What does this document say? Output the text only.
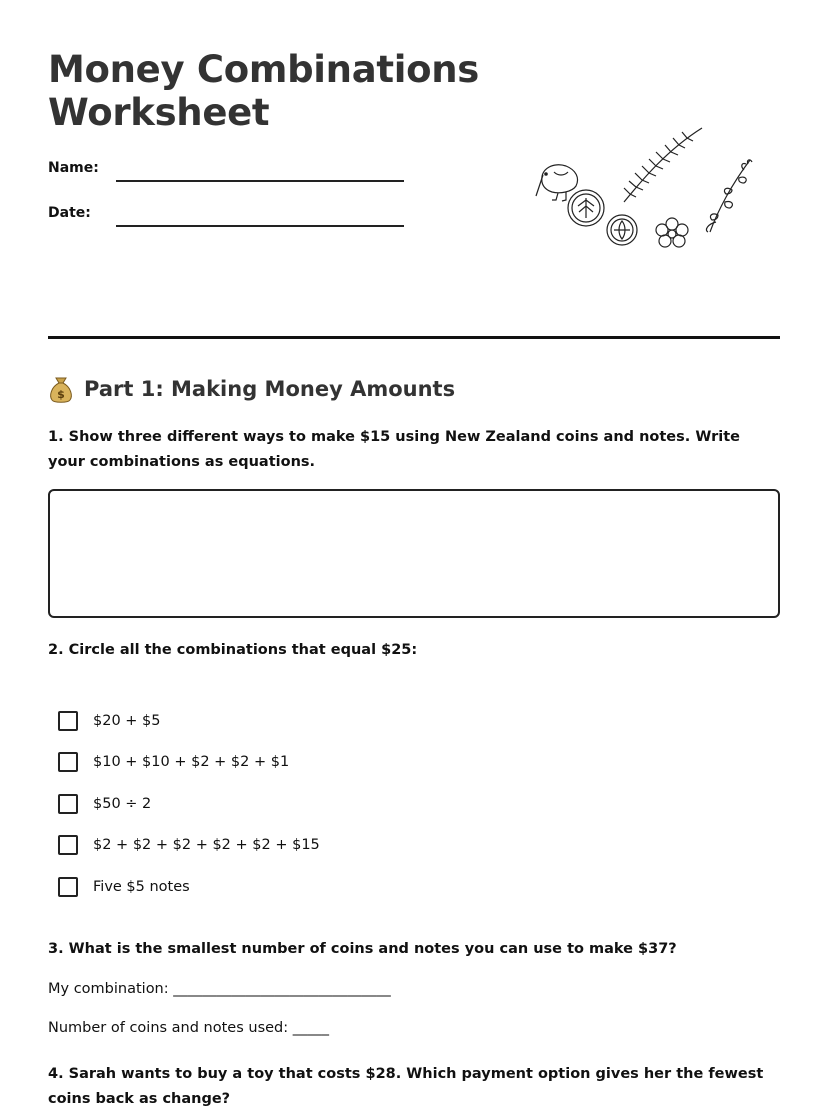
Money Combinations
Worksheet
Name:
Date:
$ Part 1: Making Money Amounts

1. Show three different ways to make $15 using New Zealand coins and notes. Write your combinations as equations.

2. Circle all the combinations that equal $25:

$20 + $5
$10 + $10 + $2 + $2 + $1
$50 ÷ 2
$2 + $2 + $2 + $2 + $2 + $15
Five $5 notes

3. What is the smallest number of coins and notes you can use to make $37?

My combination: ______________________________
Number of coins and notes used: _____

4. Sarah wants to buy a toy that costs $28. Which payment option gives her the fewest coins back as change?
